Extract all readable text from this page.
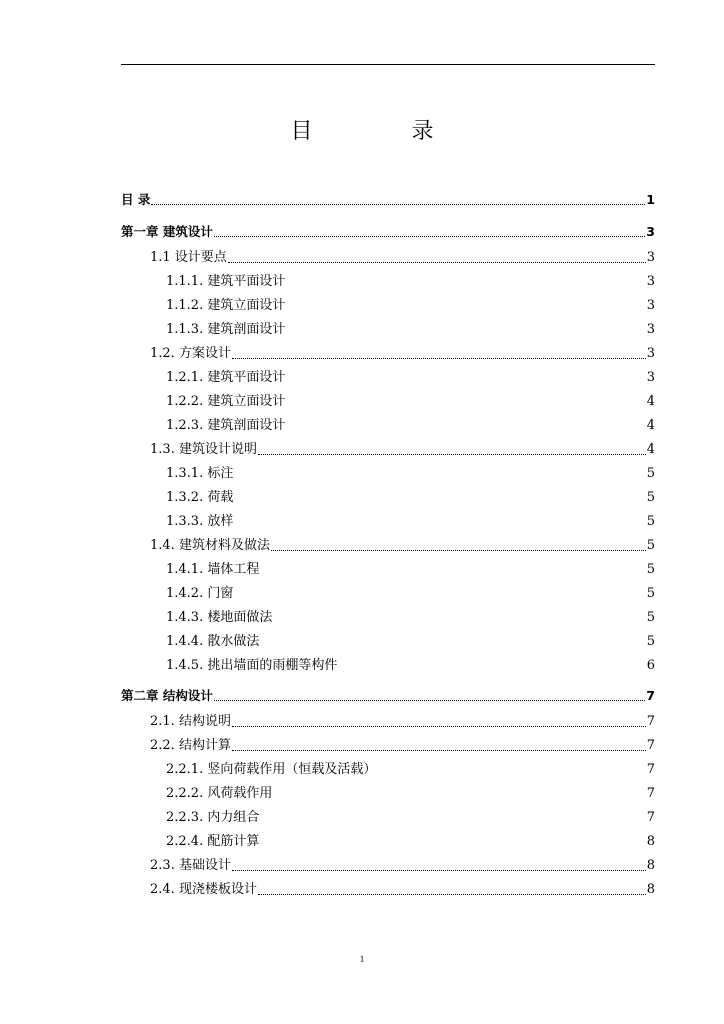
目 录
目 录	1
第一章 建筑设计	3
1.1 设计要点	3
1.1.1. 建筑平面设计	3
1.1.2. 建筑立面设计	3
1.1.3. 建筑剖面设计	3
1.2. 方案设计	3
1.2.1. 建筑平面设计	3
1.2.2. 建筑立面设计	4
1.2.3. 建筑剖面设计	4
1.3. 建筑设计说明	4
1.3.1. 标注	5
1.3.2. 荷载	5
1.3.3. 放样	5
1.4. 建筑材料及做法	5
1.4.1. 墙体工程	5
1.4.2. 门窗	5
1.4.3. 楼地面做法	5
1.4.4. 散水做法	5
1.4.5. 挑出墙面的雨棚等构件	6
第二章 结构设计	7
2.1. 结构说明	7
2.2. 结构计算	7
2.2.1. 竖向荷载作用（恒载及活载）	7
2.2.2. 风荷载作用	7
2.2.3. 内力组合	7
2.2.4. 配筋计算	8
2.3. 基础设计	8
2.4. 现浇楼板设计	8
1
